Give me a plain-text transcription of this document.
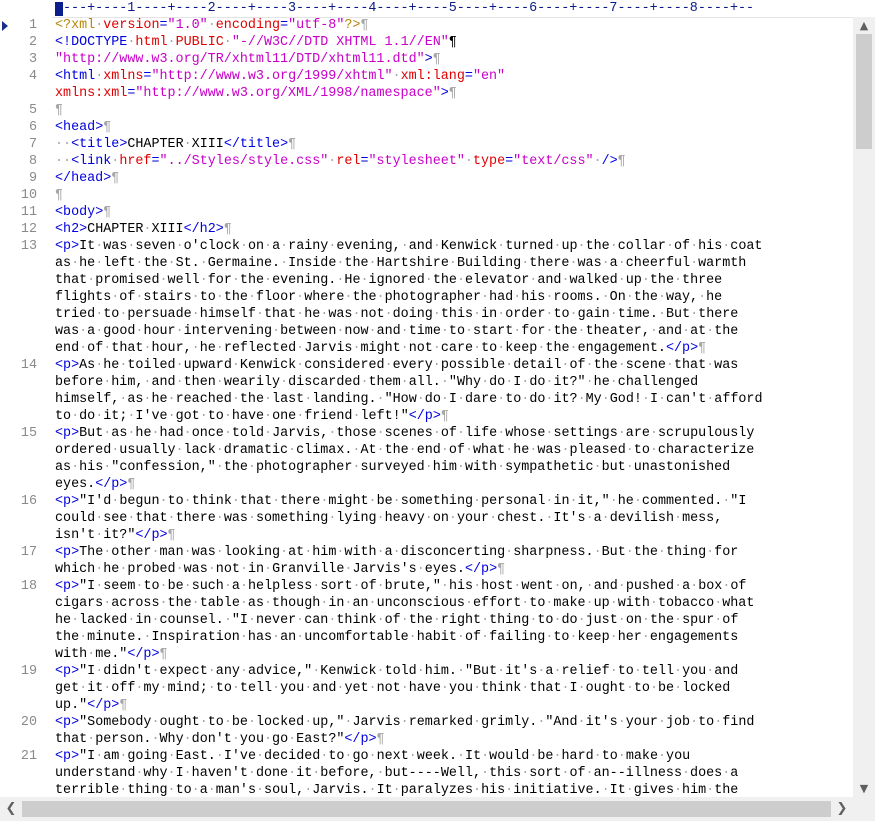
---+----1----+----2----+----3----+----4----+----5----+----6----+----7----+----8----+--
1 <?xml·version="1.0"·encoding="utf-8"?>¶
2 <!DOCTYPE·html·PUBLIC·"-//W3C//DTD XHTML 1.1//EN"¶
3 "http://www.w3.org/TR/xhtml11/DTD/xhtml11.dtd">¶
4 <html·xmlns="http://www.w3.org/1999/xhtml"·xml:lang="en"
xmlns:xml="http://www.w3.org/XML/1998/namespace">¶
5 ¶
6 <head>¶
7 ··<title>CHAPTER·XIII</title>¶
8 ··<link·href="../Styles/style.css"·rel="stylesheet"·type="text/css"·/>¶
9 </head>¶
10 ¶
11 <body>¶
12 <h2>CHAPTER·XIII</h2>¶
13 <p>It·was·seven·o'clock·on·a·rainy·evening,·and·Kenwick·turned·up·the·collar·of·his·coat
as·he·left·the·St.·Germaine.·Inside·the·Hartshire·Building·there·was·a·cheerful·warmth
that·promised·well·for·the·evening.·He·ignored·the·elevator·and·walked·up·the·three
flights·of·stairs·to·the·floor·where·the·photographer·had·his·rooms.·On·the·way,·he
tried·to·persuade·himself·that·he·was·not·doing·this·in·order·to·gain·time.·But·there
was·a·good·hour·intervening·between·now·and·time·to·start·for·the·theater,·and·at·the
end·of·that·hour,·he·reflected·Jarvis·might·not·care·to·keep·the·engagement.</p>¶
14 <p>As·he·toiled·upward·Kenwick·considered·every·possible·detail·of·the·scene·that·was
before·him,·and·then·wearily·discarded·them·all.·"Why·do·I·do·it?"·he·challenged
himself,·as·he·reached·the·last·landing.·"How·do·I·dare·to·do·it?·My·God!·I·can't·afford
to·do·it;·I've·got·to·have·one·friend·left!"</p>¶
15 <p>But·as·he·had·once·told·Jarvis,·those·scenes·of·life·whose·settings·are·scrupulously
ordered·usually·lack·dramatic·climax.·At·the·end·of·what·he·was·pleased·to·characterize
as·his·"confession,"·the·photographer·surveyed·him·with·sympathetic·but·unastonished
eyes.</p>¶
16 <p>"I'd·begun·to·think·that·there·might·be·something·personal·in·it,"·he·commented.·"I
could·see·that·there·was·something·lying·heavy·on·your·chest.·It's·a·devilish·mess,
isn't·it?"</p>¶
17 <p>The·other·man·was·looking·at·him·with·a·disconcerting·sharpness.·But·the·thing·for
which·he·probed·was·not·in·Granville·Jarvis's·eyes.</p>¶
18 <p>"I·seem·to·be·such·a·helpless·sort·of·brute,"·his·host·went·on,·and·pushed·a·box·of
cigars·across·the·table·as·though·in·an·unconscious·effort·to·make·up·with·tobacco·what
he·lacked·in·counsel.·"I·never·can·think·of·the·right·thing·to·do·just·on·the·spur·of
the·minute.·Inspiration·has·an·uncomfortable·habit·of·failing·to·keep·her·engagements
with·me."</p>¶
19 <p>"I·didn't·expect·any·advice,"·Kenwick·told·him.·"But·it's·a·relief·to·tell·you·and
get·it·off·my·mind;·to·tell·you·and·yet·not·have·you·think·that·I·ought·to·be·locked
up."</p>¶
20 <p>"Somebody·ought·to·be·locked·up,"·Jarvis·remarked·grimly.·"And·it's·your·job·to·find
that·person.·Why·don't·you·go·East?"</p>¶
21 <p>"I·am·going·East.·I've·decided·to·go·next·week.·It·would·be·hard·to·make·you
understand·why·I·haven't·done·it·before,·but----Well,·this·sort·of·an--illness·does·a
terrible·thing·to·a·man's·soul,·Jarvis.·It·paralyzes·his·initiative.·It·gives·him·the
▲
▼
❮	❯
